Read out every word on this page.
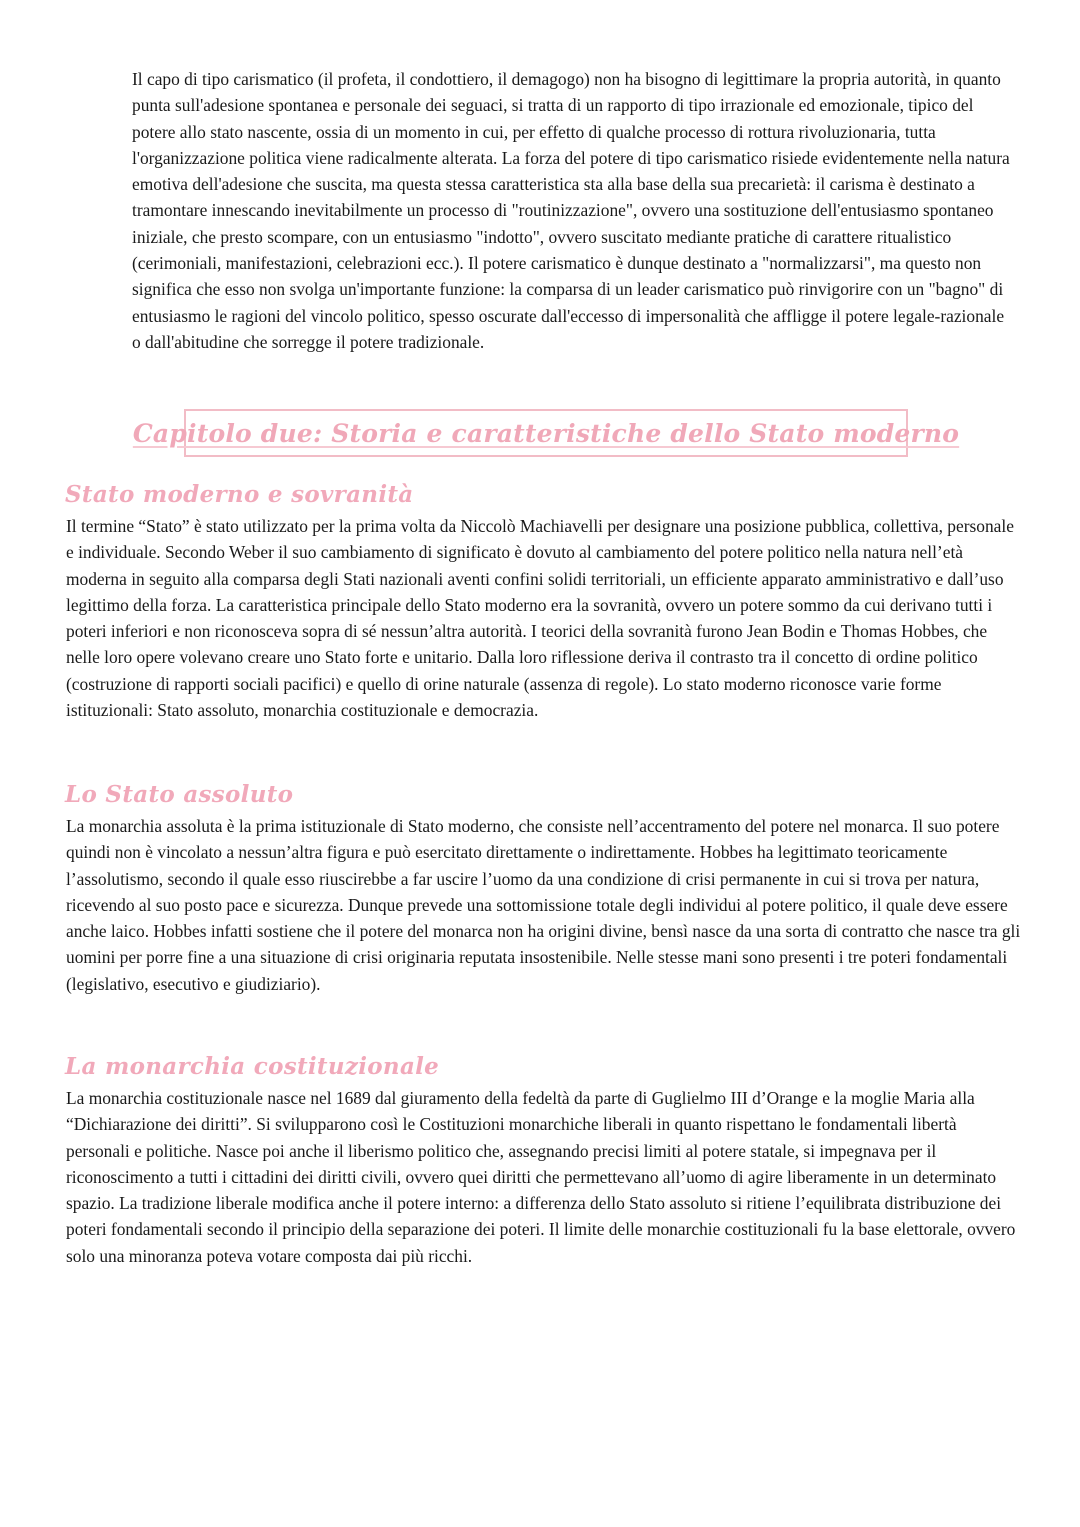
Il capo di tipo carismatico (il profeta, il condottiero, il demagogo) non ha bisogno di legittimare la propria autorità, in quanto punta sull'adesione spontanea e personale dei seguaci, si tratta di un rapporto di tipo irrazionale ed emozionale, tipico del potere allo stato nascente, ossia di un momento in cui, per effetto di qualche processo di rottura rivoluzionaria, tutta l'organizzazione politica viene radicalmente alterata. La forza del potere di tipo carismatico risiede evidentemente nella natura emotiva dell'adesione che suscita, ma questa stessa caratteristica sta alla base della sua precarietà: il carisma è destinato a tramontare innescando inevitabilmente un processo di "routinizzazione", ovvero una sostituzione dell'entusiasmo spontaneo iniziale, che presto scompare, con un entusiasmo "indotto", ovvero suscitato mediante pratiche di carattere ritualistico (cerimoniali, manifestazioni, celebrazioni ecc.). Il potere carismatico è dunque destinato a "normalizzarsi", ma questo non significa che esso non svolga un'importante funzione: la comparsa di un leader carismatico può rinvigorire con un "bagno" di entusiasmo le ragioni del vincolo politico, spesso oscurate dall'eccesso di impersonalità che affligge il potere legale-razionale o dall'abitudine che sorregge il potere tradizionale.

Capitolo due: Storia e caratteristiche dello Stato moderno
Stato moderno e sovranità

Il termine “Stato” è stato utilizzato per la prima volta da Niccolò Machiavelli per designare una posizione pubblica, collettiva, personale e individuale. Secondo Weber il suo cambiamento di significato è dovuto al cambiamento del potere politico nella natura nell’età moderna in seguito alla comparsa degli Stati nazionali aventi confini solidi territoriali, un efficiente apparato amministrativo e dall’uso legittimo della forza. La caratteristica principale dello Stato moderno era la sovranità, ovvero un potere sommo da cui derivano tutti i poteri inferiori e non riconosceva sopra di sé nessun’altra autorità. I teorici della sovranità furono Jean Bodin e Thomas Hobbes, che nelle loro opere volevano creare uno Stato forte e unitario. Dalla loro riflessione deriva il contrasto tra il concetto di ordine politico (costruzione di rapporti sociali pacifici) e quello di orine naturale (assenza di regole). Lo stato moderno riconosce varie forme istituzionali: Stato assoluto, monarchia costituzionale e democrazia.

Lo Stato assoluto

La monarchia assoluta è la prima istituzionale di Stato moderno, che consiste nell’accentramento del potere nel monarca. Il suo potere quindi non è vincolato a nessun’altra figura e può esercitato direttamente o indirettamente. Hobbes ha legittimato teoricamente l’assolutismo, secondo il quale esso riuscirebbe a far uscire l’uomo da una condizione di crisi permanente in cui si trova per natura, ricevendo al suo posto pace e sicurezza. Dunque prevede una sottomissione totale degli individui al potere politico, il quale deve essere anche laico. Hobbes infatti sostiene che il potere del monarca non ha origini divine, bensì nasce da una sorta di contratto che nasce tra gli uomini per porre fine a una situazione di crisi originaria reputata insostenibile. Nelle stesse mani sono presenti i tre poteri fondamentali (legislativo, esecutivo e giudiziario).

La monarchia costituzionale

La monarchia costituzionale nasce nel 1689 dal giuramento della fedeltà da parte di Guglielmo III d’Orange e la moglie Maria alla “Dichiarazione dei diritti”. Si svilupparono così le Costituzioni monarchiche liberali in quanto rispettano le fondamentali libertà personali e politiche. Nasce poi anche il liberismo politico che, assegnando precisi limiti al potere statale, si impegnava per il riconoscimento a tutti i cittadini dei diritti civili, ovvero quei diritti che permettevano all’uomo di agire liberamente in un determinato spazio. La tradizione liberale modifica anche il potere interno: a differenza dello Stato assoluto si ritiene l’equilibrata distribuzione dei poteri fondamentali secondo il principio della separazione dei poteri. Il limite delle monarchie costituzionali fu la base elettorale, ovvero solo una minoranza poteva votare composta dai più ricchi.
